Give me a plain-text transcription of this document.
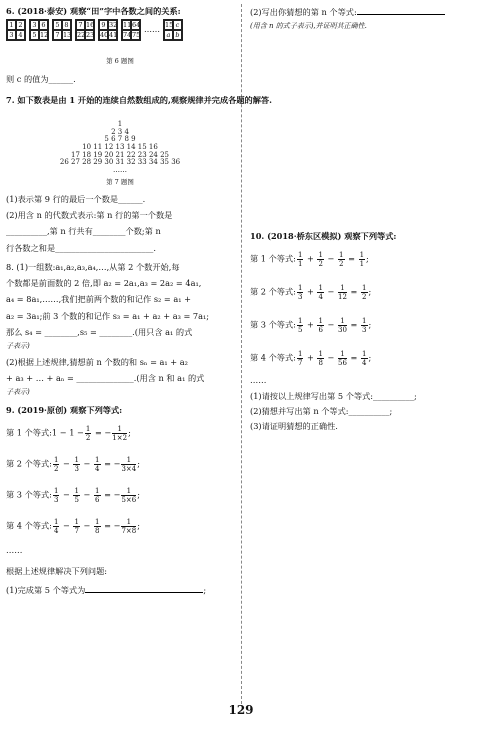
6. (2018·泰安) 观察“田”字中各数之间的关系:
1 2
3 4
3 6
5 12
5 8
7 13
7 16
22 23
9 32
40 41
11 64
74 75
…… 15 c
a b
第 6 题图
则 c 的值为______.
7. 如下数表是由 1 开始的连续自然数组成的,观察规律并完成各题的解答.
1
2 3 4
5 6 7 8 9
10 11 12 13 14 15 16
17 18 19 20 21 22 23 24 25
26 27 28 29 30 31 32 33 34 35 36
……
第 7 题图
(1)表示第 9 行的最后一个数是______.
(2)用含 n 的代数式表示:第 n 行的第一个数是
__________,第 n 行共有________个数;第 n
行各数之和是________________________.
8. (1)一组数:a₁,a₂,a₃,a₄,…,从第 2 个数开始,每
个数都是前面数的 2 倍,即 a₂ = 2a₁,a₃ = 2a₂ = 4a₁,
a₄ = 8a₁,……,我们把前两个数的和记作 s₂ = a₁ +
a₂ = 3a₁;前 3 个数的和记作 s₃ = a₁ + a₂ + a₃ = 7a₁;
那么 s₄ = ________,s₅ = ________.(用只含 a₁ 的式
子表示)
(2)根据上述规律,猜想前 n 个数的和 sₙ = a₁ + a₂
+ a₃ + … + aₙ = ______________.(用含 n 和 a₁ 的式
子表示)
9. (2019·原创) 观察下列等式:
第 1 个等式:1 − $1 - \frac{1}{2}$ = − $\frac{1}{1\times 2}$ ;
第 2 个等式: $\frac{1}{2} - \frac{1}{3} - \frac{1}{4}$ = − $\frac{1}{3\times 4}$ ;
第 3 个等式: $\frac{1}{3} - \frac{1}{5} - \frac{1}{6}$ = − $\frac{1}{5\times 6}$ ;
第 4 个等式: $\frac{1}{4} - \frac{1}{7} - \frac{1}{8}$ = − $\frac{1}{7\times 8}$ ;
……
根据上述规律解决下列问题:
(1)完成第 5 个等式为	;
(2)写出你猜想的第 n 个等式:
(用含 n 的式子表示),并证明其正确性.
10. (2018·桥东区模拟) 观察下列等式:
第 1 个等式: $\frac{1}{1} + \frac{1}{2} - \frac{1}{2} = \frac{1}{1}$ ;
第 2 个等式: $\frac{1}{3} + \frac{1}{4} - \frac{1}{12} = \frac{1}{2}$ ;
第 3 个等式: $\frac{1}{5} + \frac{1}{6} - \frac{1}{30} = \frac{1}{3}$ ;
第 4 个等式: $\frac{1}{7} + \frac{1}{8} - \frac{1}{56} = \frac{1}{4}$ ;
……
(1)请按以上规律写出第 5 个等式:__________;
(2)猜想并写出第 n 个等式:__________;
(3)请证明猜想的正确性.
129
